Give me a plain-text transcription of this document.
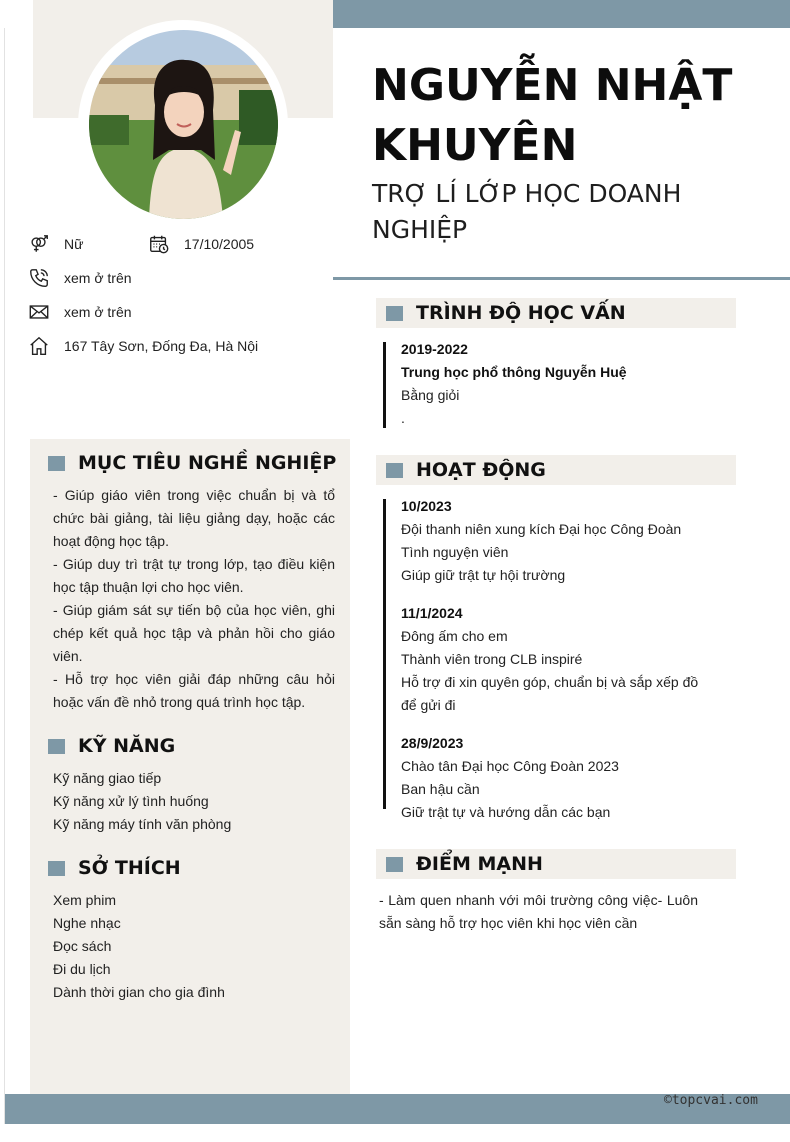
NGUYỄN NHẬT KHUYÊN
TRỢ LÍ LỚP HỌC DOANH NGHIỆP
Nữ	17/10/2005
xem ở trên
xem ở trên
167 Tây Sơn, Đống Đa, Hà Nội
MỤC TIÊU NGHỀ NGHIỆP

- Giúp giáo viên trong việc chuẩn bị và tổ chức bài giảng, tài liệu giảng dạy, hoặc các hoạt động học tập.

- Giúp duy trì trật tự trong lớp, tạo điều kiện học tập thuận lợi cho học viên.

- Giúp giám sát sự tiến bộ của học viên, ghi chép kết quả học tập và phản hồi cho giáo viên.

- Hỗ trợ học viên giải đáp những câu hỏi hoặc vấn đề nhỏ trong quá trình học tập.

KỸ NĂNG

Kỹ năng giao tiếp

Kỹ năng xử lý tình huống

Kỹ năng máy tính văn phòng

SỞ THÍCH

Xem phim

Nghe nhạc

Đọc sách

Đi du lịch

Dành thời gian cho gia đình

TRÌNH ĐỘ HỌC VẤN
2019-2022
Trung học phổ thông Nguyễn Huệ
Bằng giỏi
.
HOẠT ĐỘNG
10/2023
Đội thanh niên xung kích Đại học Công Đoàn
Tình nguyện viên
Giúp giữ trật tự hội trường
11/1/2024
Đông ấm cho em
Thành viên trong CLB inspiré
Hỗ trợ đi xin quyên góp, chuẩn bị và sắp xếp đồ để gửi đi
28/9/2023
Chào tân Đại học Công Đoàn 2023
Ban hậu cần
Giữ trật tự và hướng dẫn các bạn
ĐIỂM MẠNH
- Làm quen nhanh với môi trường công việc- Luôn sẵn sàng hỗ trợ học viên khi học viên cần
©topcvai.com
